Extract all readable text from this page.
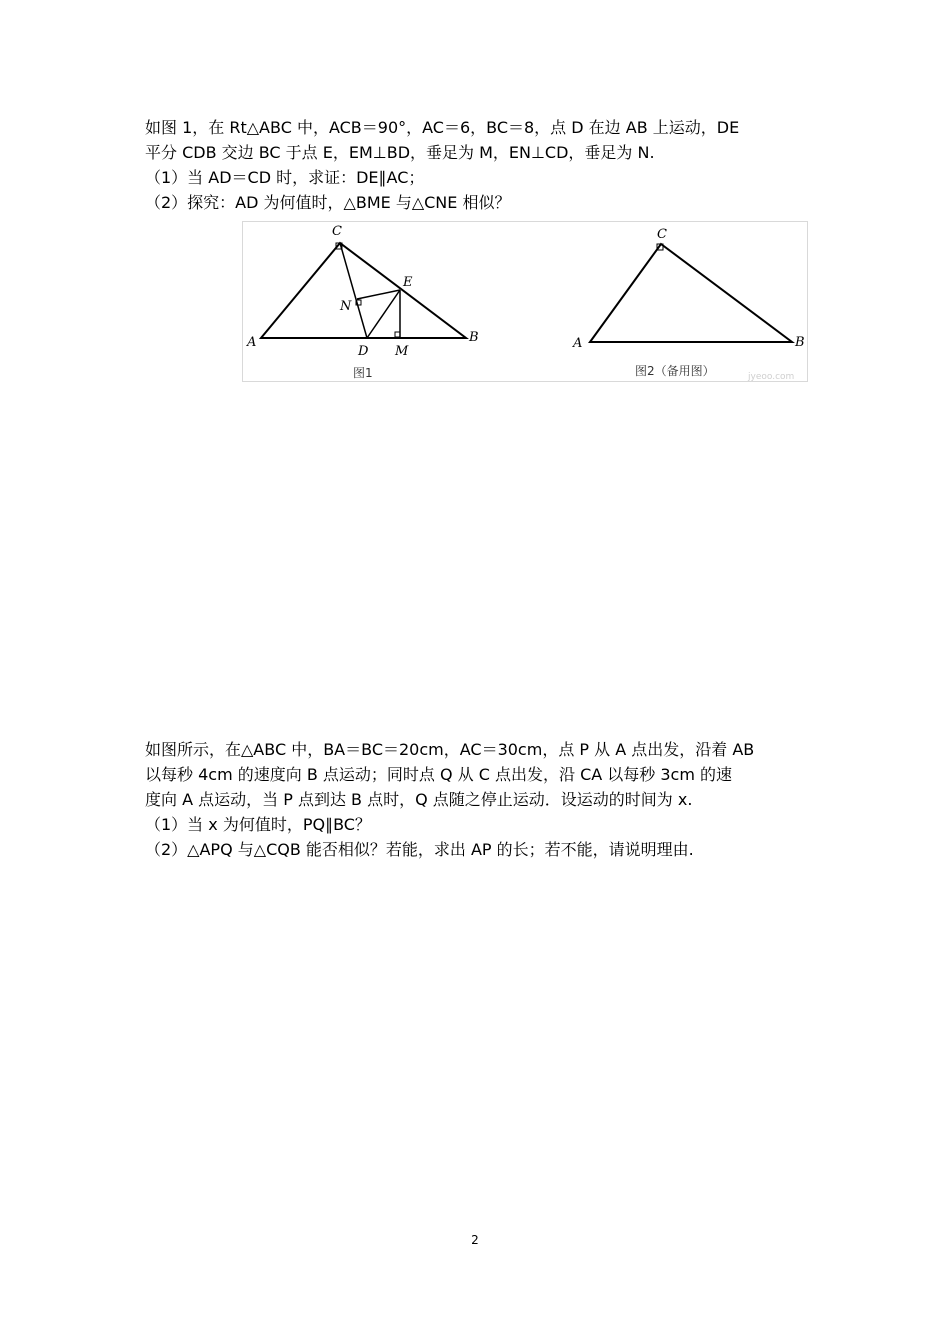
如图 1，在 Rt△ABC 中，ACB＝90°，AC＝6，BC＝8，点 D 在边 AB 上运动，DE

平分 CDB 交边 BC 于点 E，EM⊥BD，垂足为 M，EN⊥CD，垂足为 N.

（1）当 AD＝CD 时，求证：DE∥AC；

（2）探究：AD 为何值时，△BME 与△CNE 相似？

A	B
C
D
E
M
N
图1
A	B
C
图2（备用图）	jyeoo.com

如图所示，在△ABC 中，BA＝BC＝20cm，AC＝30cm，点 P 从 A 点出发，沿着 AB

以每秒 4cm 的速度向 B 点运动；同时点 Q 从 C 点出发，沿 CA 以每秒 3cm 的速

度向 A 点运动，当 P 点到达 B 点时，Q 点随之停止运动．设运动的时间为 x.

（1）当 x 为何值时，PQ∥BC？

（2）△APQ 与△CQB 能否相似？若能，求出 AP 的长；若不能，请说明理由.

2
